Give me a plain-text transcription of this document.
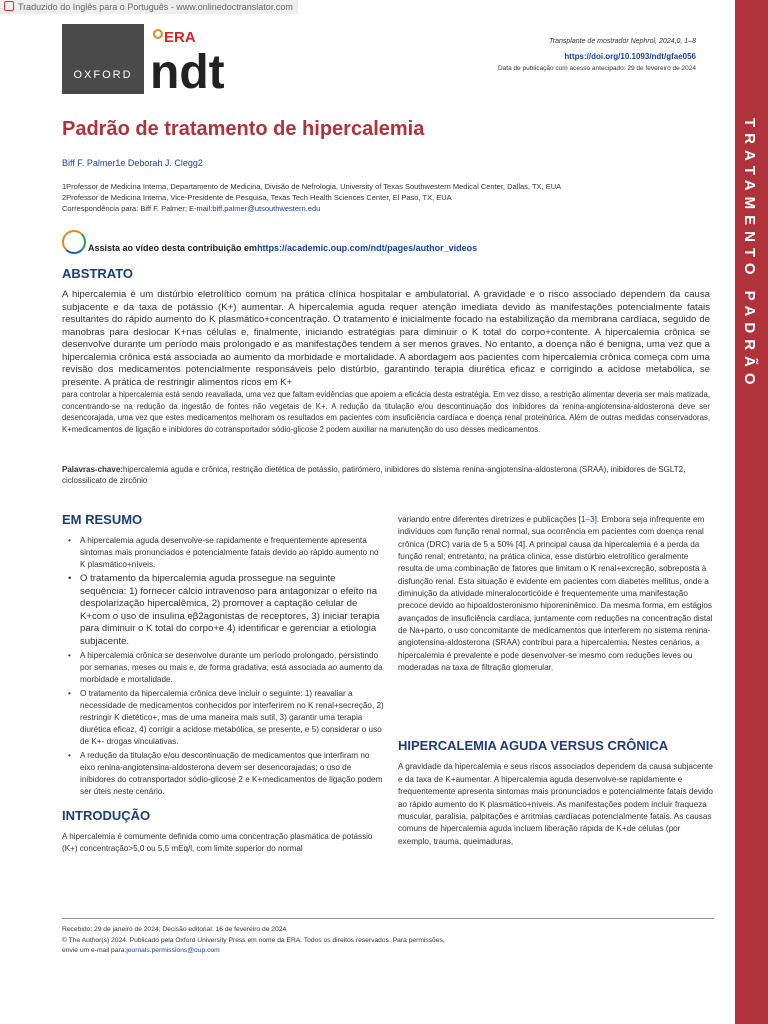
Traduzido do Inglês para o Português - www.onlinedoctranslator.com
OXFORD
ERA
ndt
Transplante de mostrador Nephrol, 2024,0, 1–8
https://doi.org/10.1093/ndt/gfae056
Data de publicação com acesso antecipado: 29 de fevereiro de 2024
TRATAMENTO PADRÃO
Padrão de tratamento de hipercalemia
Biff F. Palmer1e Deborah J. Clegg2
1Professor de Medicina Interna, Departamento de Medicina, Divisão de Nefrologia, University of Texas Southwestern Medical Center, Dallas, TX, EUA
2Professor de Medicina Interna, Vice-Presidente de Pesquisa, Texas Tech Health Sciences Center, El Paso, TX, EUA
Correspondência para: Biff F. Palmer; E-mail:biff.palmer@utsouthwestern.edu
Assista ao vídeo desta contribuição emhttps://academic.oup.com/ndt/pages/author_videos
ABSTRATO
A hipercalemia é um distúrbio eletrolítico comum na prática clínica hospitalar e ambulatorial. A gravidade e o risco associado dependem da causa subjacente e da taxa de potássio (K+) aumentar. A hipercalemia aguda requer atenção imediata devido às manifestações potencialmente fatais resultantes do rápido aumento do K plasmático+concentração. O tratamento é inicialmente focado na estabilização da membrana cardíaca, seguido de manobras para deslocar K+nas células e, finalmente, iniciando estratégias para diminuir o K total do corpo+contente. A hipercalemia crônica se desenvolve durante um período mais prolongado e as manifestações tendem a ser menos graves. No entanto, a doença não é benigna, uma vez que a hipercalemia crônica está associada ao aumento da morbidade e mortalidade. A abordagem aos pacientes com hipercalemia crônica começa com uma revisão dos medicamentos potencialmente responsáveis pelo distúrbio, garantindo terapia diurética eficaz e corrigindo a acidose metabólica, se presente. A prática de restringir alimentos ricos em K+
para controlar a hipercalemia está sendo reavaliada, uma vez que faltam evidências que apoiem a eficácia desta estratégia. Em vez disso, a restrição alimentar deveria ser mais matizada, concentrando-se na redução da ingestão de fontes não vegetais de K+. A redução da titulação e/ou descontinuação dos inibidores da renina-angiotensina-aldosterona deve ser desencorajada, uma vez que estes medicamentos melhoram os resultados em pacientes com insuficiência cardíaca e doença renal proteinúrica. Além de outras medidas conservadoras, K+medicamentos de ligação e inibidores do cotransportador sódio-glicose 2 podem auxiliar na manutenção do uso desses medicamentos.
Palavras-chave:hipercalemia aguda e crônica, restrição dietética de potássio, patirómero, inibidores do sistema renina-angiotensina-aldosterona (SRAA), inibidores de SGLT2, ciclossilicato de zircônio
EM RESUMO
• A hipercalemia aguda desenvolve-se rapidamente e frequentemente apresenta sintomas mais pronunciados e potencialmente fatais devido ao rápido aumento no K plasmático+níveis.
• O tratamento da hipercalemia aguda prossegue na seguinte sequência: 1) fornecer cálcio intravenoso para antagonizar o efeito na despolarização hipercalêmica, 2) promover a captação celular de K+com o uso de insulina eβ2agonistas de receptores, 3) iniciar terapia para diminuir o K total do corpo+e 4) identificar e gerenciar a etiologia subjacente.
• A hipercalemia crônica se desenvolve durante um período prolongado, persistindo por semanas, meses ou mais e, de forma gradativa, está associada ao aumento da morbidade e mortalidade.
• O tratamento da hipercalemia crônica deve incluir o seguinte: 1) reavaliar a necessidade de medicamentos conhecidos por interferirem no K renal+secreção, 2) restringir K dietético+, mas de uma maneira mais sutil, 3) garantir uma terapia diurética eficaz, 4) corrigir a acidose metabólica, se presente, e 5) considerar o uso de K+- drogas vinculativas.
• A redução da titulação e/ou descontinuação de medicamentos que interfiram no eixo renina-angiotensina-aldosterona devem ser desencorajadas; o uso de inibidores do cotransportador sódio-glicose 2 e K+medicamentos de ligação podem ser úteis neste cenário.
INTRODUÇÃO

A hipercalemia é comumente definida como uma concentração plasmática de potássio (K+) concentração>5,0 ou 5,5 mEq/l, com limite superior do normal

variando entre diferentes diretrizes e publicações [1–3]. Embora seja infrequente em indivíduos com função renal normal, sua ocorrência em pacientes com doença renal crônica (DRC) varia de 5 a 50% [4]. A principal causa da hipercalemia é a perda da função renal; entretanto, na prática clínica, esse distúrbio eletrolítico geralmente resulta de uma combinação de fatores que limitam o K renal+excreção, sobreposta à disfunção renal. Esta situação é evidente em pacientes com diabetes mellitus, onde a diminuição da atividade mineralocorticóide é frequentemente uma manifestação precoce devido ao hipoaldosteronismo hiporeninêmico. Da mesma forma, em estágios avançados de insuficiência cardíaca, juntamente com reduções na concentração distal de Na+parto, o uso concomitante de medicamentos que interferem no sistema renina-angiotensina-aldosterona (SRAA) contribui para a hipercalemia. Nestes cenários, a hipercalemia é prevalente e pode desenvolver-se mesmo com reduções leves ou moderadas na taxa de filtração glomerular.

HIPERCALEMIA AGUDA VERSUS CRÔNICA

A gravidade da hipercalemia e seus riscos associados dependem da causa subjacente e da taxa de K+aumentar. A hipercalemia aguda desenvolve-se rapidamente e frequentemente apresenta sintomas mais pronunciados e potencialmente fatais devido ao rápido aumento do K plasmático+níveis. As manifestações podem incluir fraqueza muscular, paralisia, palpitações e arritmias cardíacas potencialmente fatais. As causas comuns de hipercalemia aguda incluem liberação rápida de K+de células (por exemplo, trauma, queimaduras,

Recebido: 29 de janeiro de 2024; Decisão editorial: 16 de fevereiro de 2024
© The Author(s) 2024. Publicado pela Oxford University Press em nome da ERA. Todos os direitos reservados. Para permissões, envie um e-mail para:journals.permissions@oup.com
